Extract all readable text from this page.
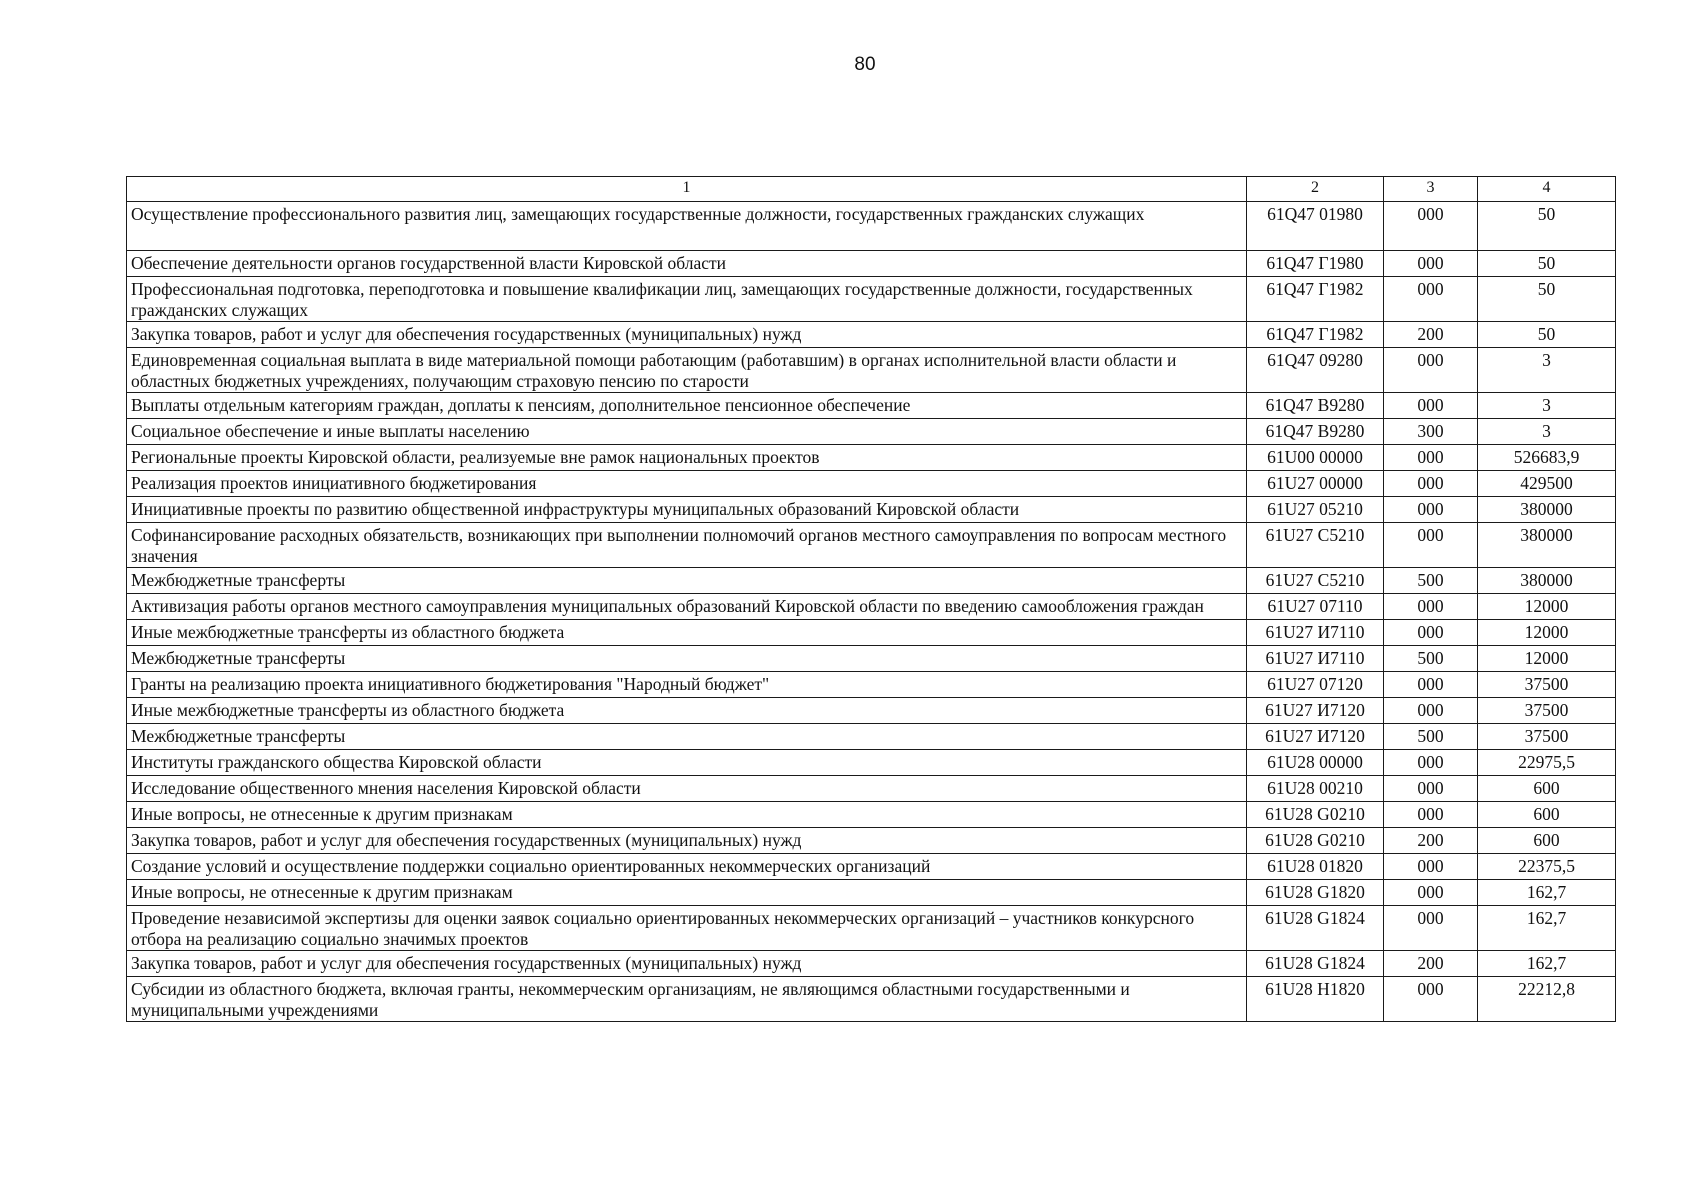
80
1	2	3	4
Осуществление профессионального развития лиц, замещающих государственные должности, государственных гражданских служащих	61Q47 01980	000	50
Обеспечение деятельности органов государственной власти Кировской области	61Q47 Г1980	000	50
Профессиональная подготовка, переподготовка и повышение квалификации лиц, замещающих государственные должности, государственных гражданских служащих	61Q47 Г1982	000	50
Закупка товаров, работ и услуг для обеспечения государственных (муниципальных) нужд	61Q47 Г1982	200	50
Единовременная социальная выплата в виде материальной помощи работающим (работавшим) в органах исполнительной власти области и областных бюджетных учреждениях, получающим страховую пенсию по старости	61Q47 09280	000	3
Выплаты отдельным категориям граждан, доплаты к пенсиям, дополнительное пенсионное обеспечение	61Q47 В9280	000	3
Социальное обеспечение и иные выплаты населению	61Q47 В9280	300	3
Региональные проекты Кировской области, реализуемые вне рамок национальных проектов	61U00 00000	000	526683,9
Реализация проектов инициативного бюджетирования	61U27 00000	000	429500
Инициативные проекты по развитию общественной инфраструктуры муниципальных образований Кировской области	61U27 05210	000	380000
Софинансирование расходных обязательств, возникающих при выполнении полномочий органов местного самоуправления по вопросам местного значения	61U27 С5210	000	380000
Межбюджетные трансферты	61U27 С5210	500	380000
Активизация работы органов местного самоуправления муниципальных образований Кировской области по введению самообложения граждан	61U27 07110	000	12000
Иные межбюджетные трансферты из областного бюджета	61U27 И7110	000	12000
Межбюджетные трансферты	61U27 И7110	500	12000
Гранты на реализацию проекта инициативного бюджетирования "Народный бюджет"	61U27 07120	000	37500
Иные межбюджетные трансферты из областного бюджета	61U27 И7120	000	37500
Межбюджетные трансферты	61U27 И7120	500	37500
Институты гражданского общества Кировской области	61U28 00000	000	22975,5
Исследование общественного мнения населения Кировской области	61U28 00210	000	600
Иные вопросы, не отнесенные к другим признакам	61U28 G0210	000	600
Закупка товаров, работ и услуг для обеспечения государственных (муниципальных) нужд	61U28 G0210	200	600
Создание условий и осуществление поддержки социально ориентированных некоммерческих организаций	61U28 01820	000	22375,5
Иные вопросы, не отнесенные к другим признакам	61U28 G1820	000	162,7
Проведение независимой экспертизы для оценки заявок социально ориентированных некоммерческих организаций – участников конкурсного отбора на реализацию социально значимых проектов	61U28 G1824	000	162,7
Закупка товаров, работ и услуг для обеспечения государственных (муниципальных) нужд	61U28 G1824	200	162,7
Субсидии из областного бюджета, включая гранты, некоммерческим организациям, не являющимся областными государственными и муниципальными учреждениями	61U28 Н1820	000	22212,8
